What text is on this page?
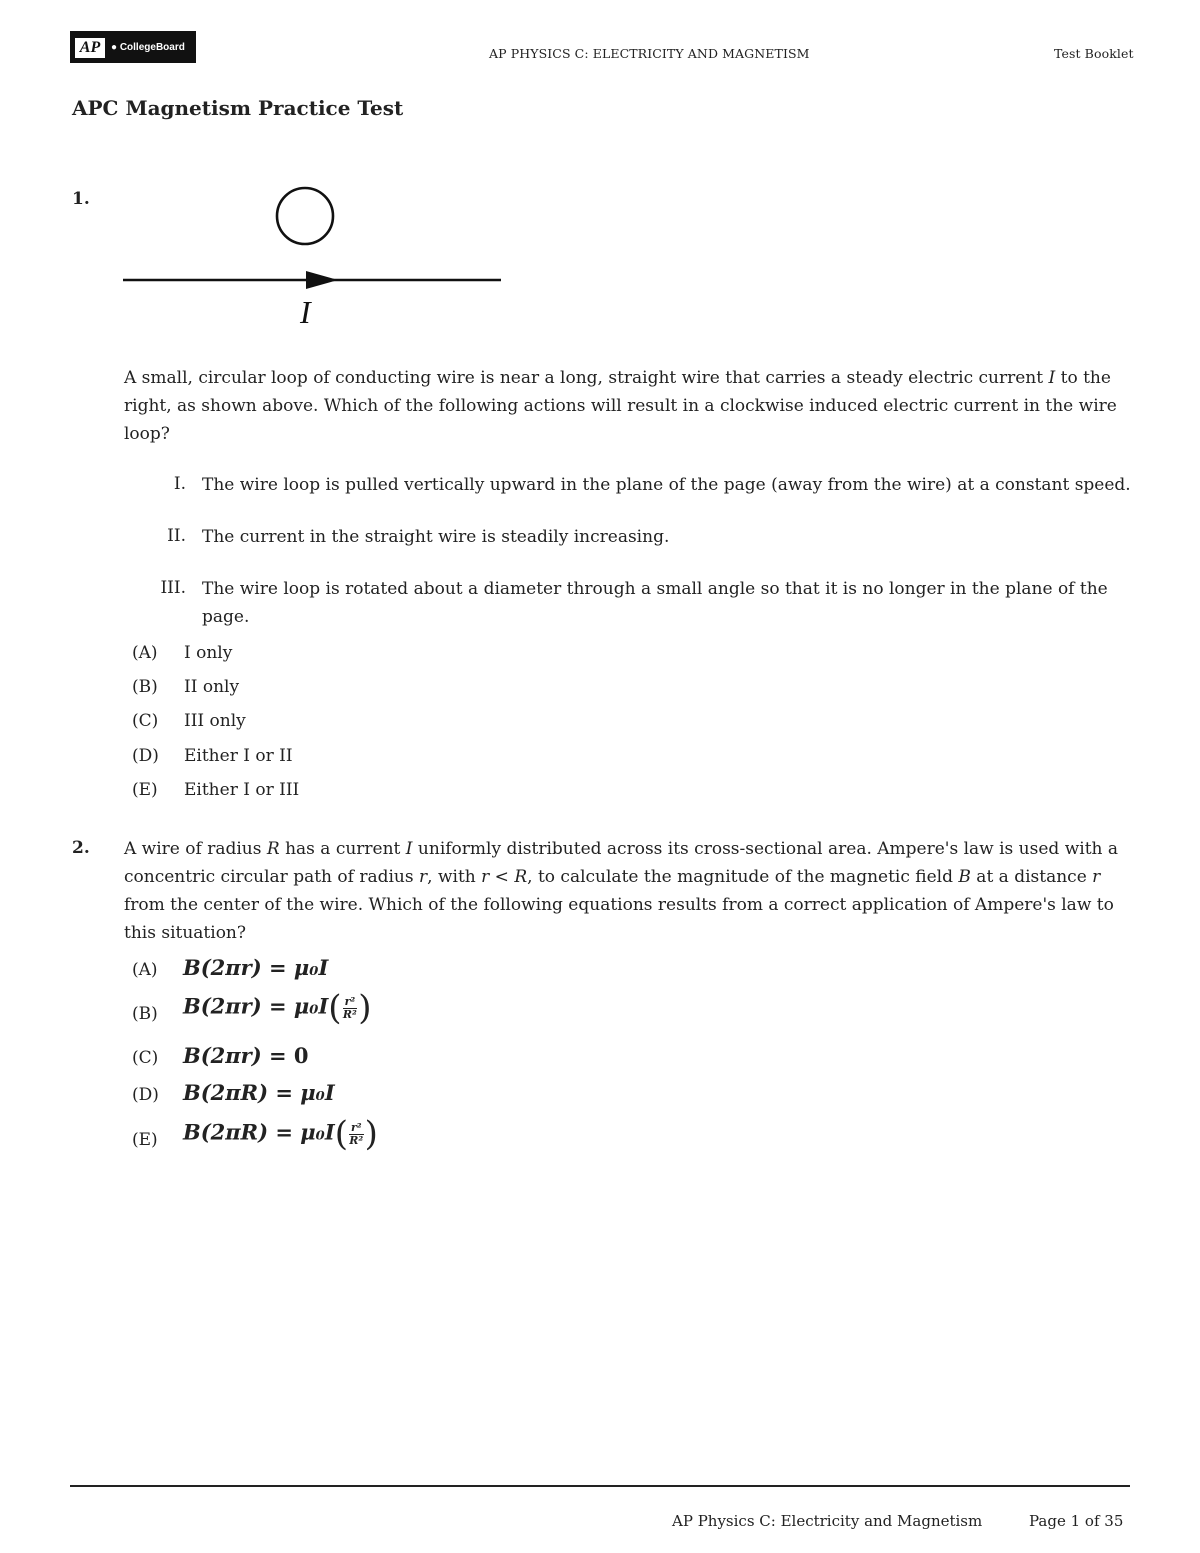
AP	● CollegeBoard	AP PHYSICS C: ELECTRICITY AND MAGNETISM	Test Booklet
APC Magnetism Practice Test
1.
I
A small, circular loop of conducting wire is near a long, straight wire that carries a steady electric current I to the right, as shown above. Which of the following actions will result in a clockwise induced electric current in the wire loop?
I. The wire loop is pulled vertically upward in the plane of the page (away from the wire) at a constant speed.
II. The current in the straight wire is steadily increasing.
III. The wire loop is rotated about a diameter through a small angle so that it is no longer in the plane of the page.
(A) I only
(B) II only
(C) III only
(D) Either I or II
(E) Either I or III
2. A wire of radius R has a current I uniformly distributed across its cross-sectional area. Ampere's law is used with a concentric circular path of radius r, with r < R, to calculate the magnitude of the magnetic field B at a distance r from the center of the wire. Which of the following equations results from a correct application of Ampere's law to this situation?
(A) B(2πr) = μ₀I
(B) $B(2\pi r) = \mu_0I( \frac{\text{r²}}{\text{R²}}$ )
(C) B(2πr) = 0
(D) B(2πR) = μ₀I
(E) $B(2\pi R) = \mu_0I( \frac{\text{r²}}{\text{R²}}$ )
AP Physics C: Electricity and Magnetism	Page 1 of 35
